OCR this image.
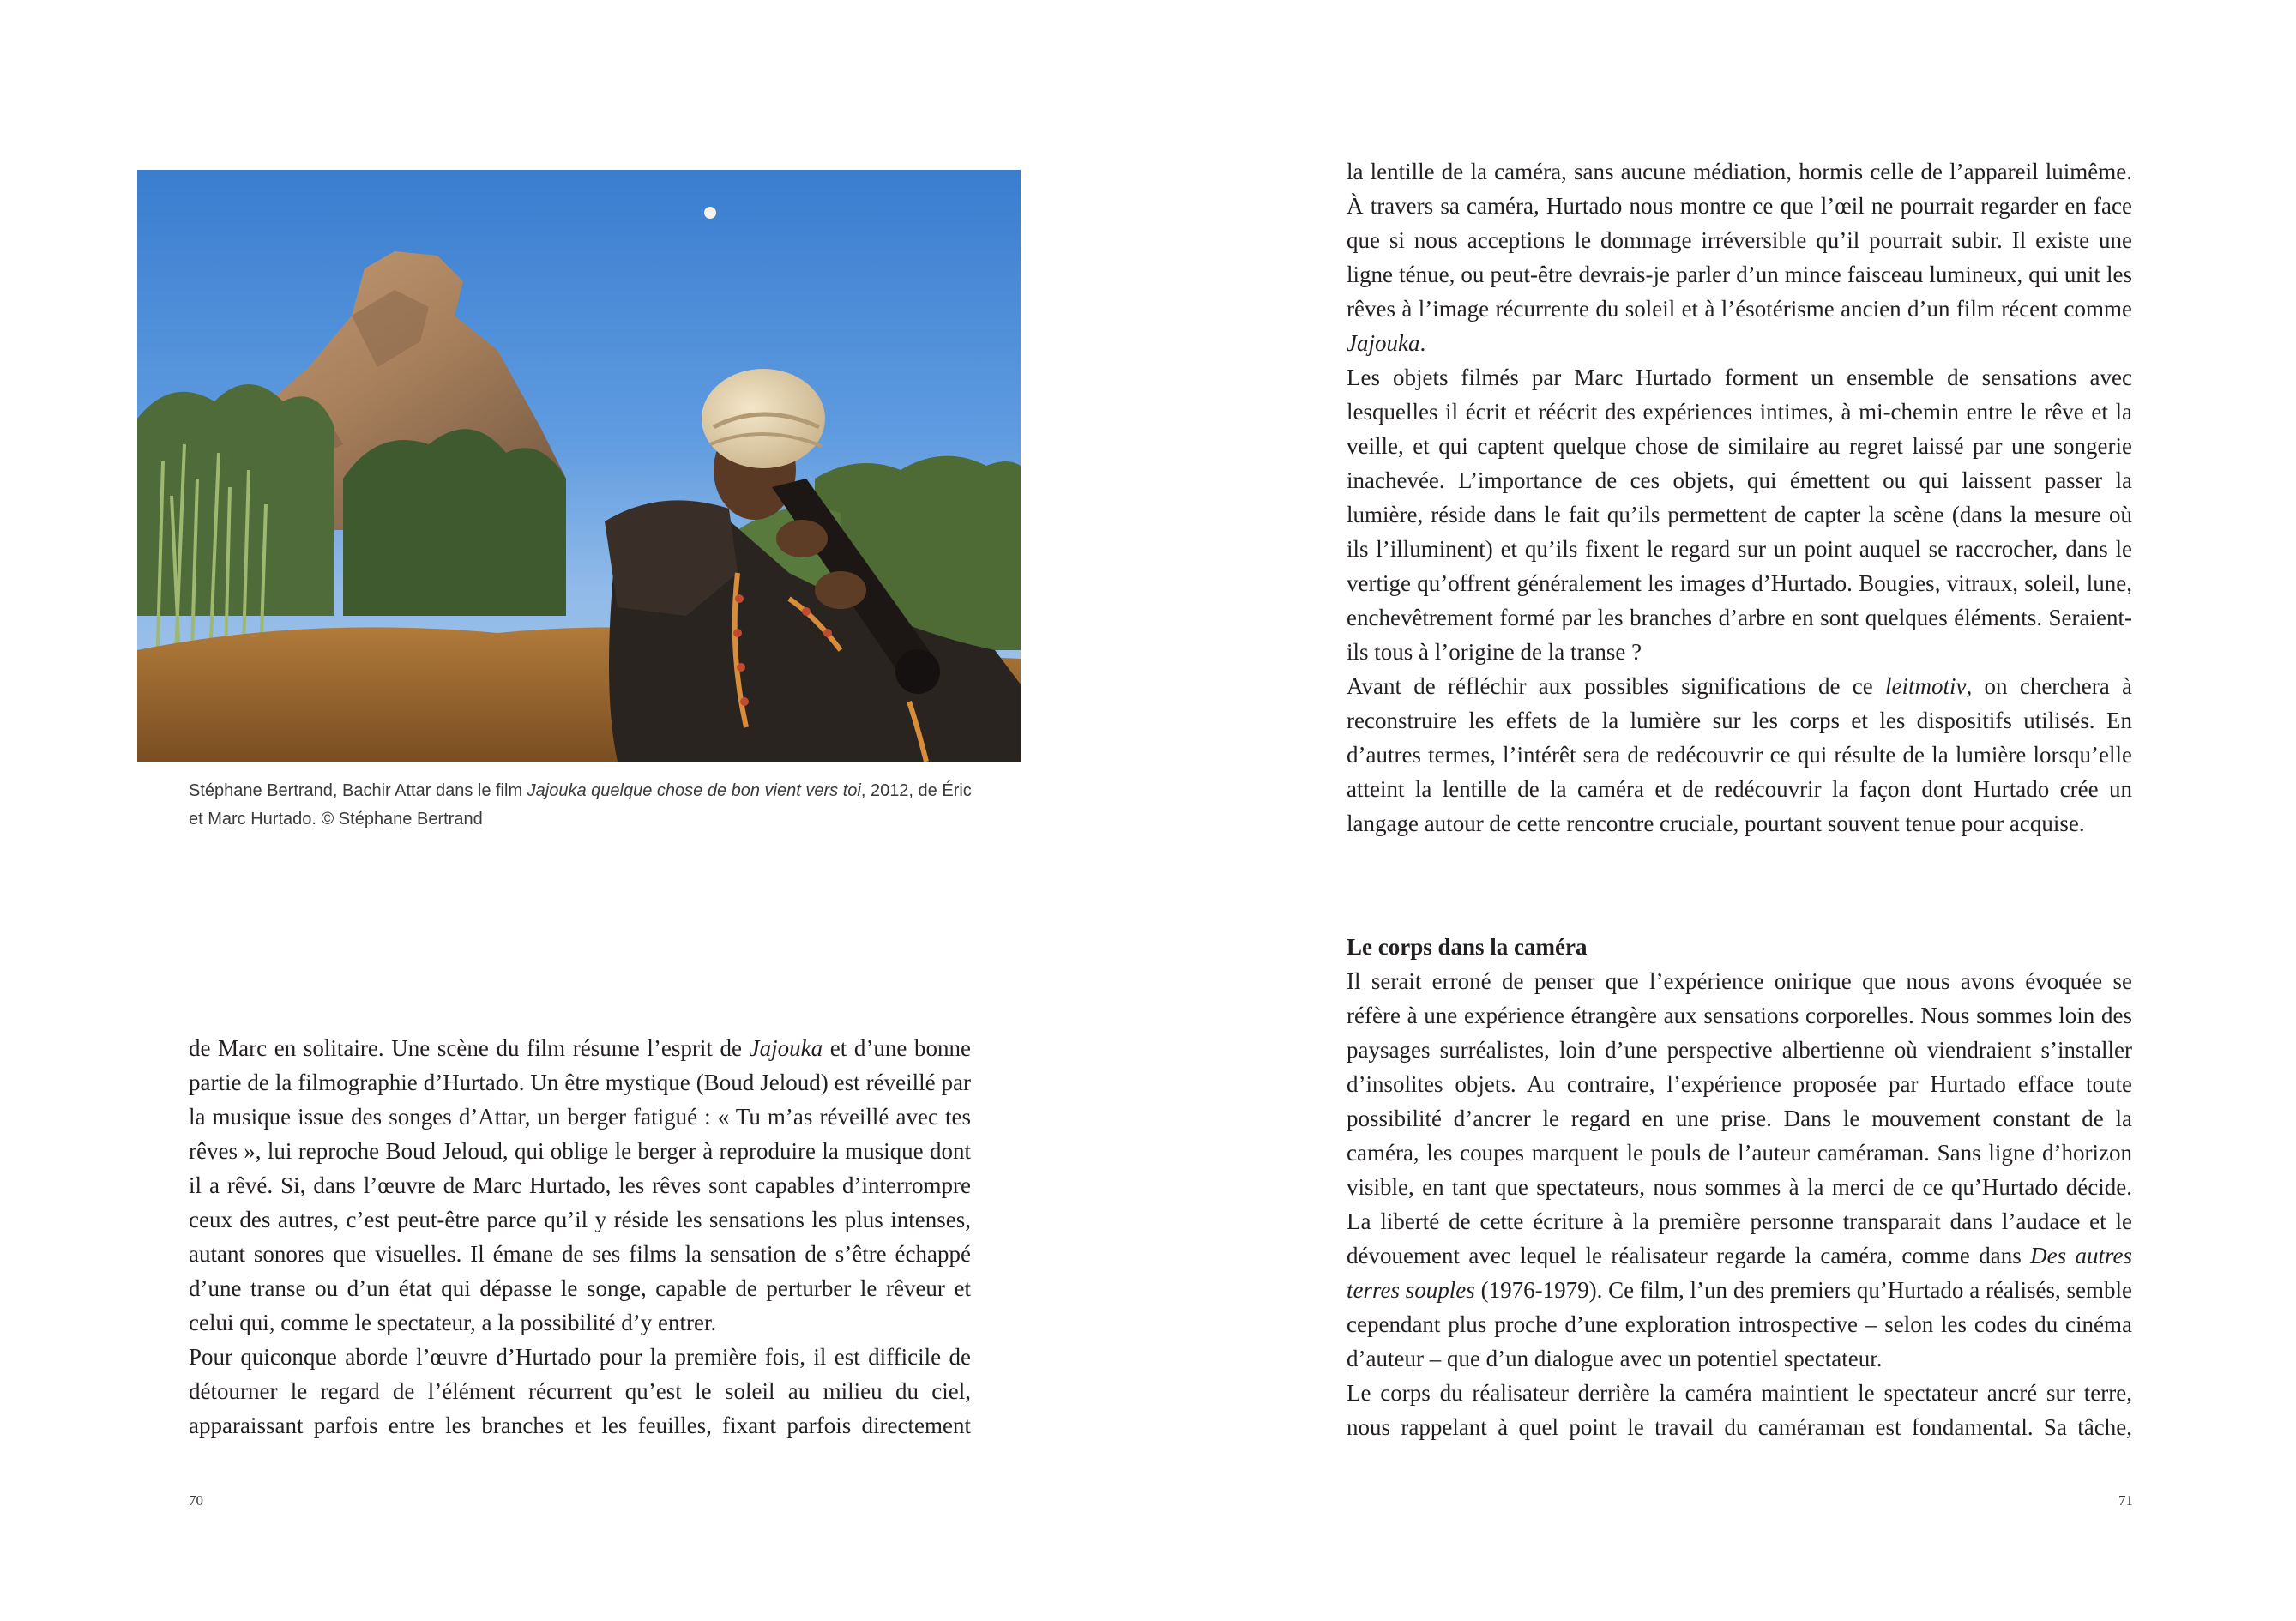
Stéphane Bertrand, Bachir Attar dans le film Jajouka quelque chose de bon vient vers toi, 2012, de Éric et Marc Hurtado. © Stéphane Bertrand

de Marc en solitaire. Une scène du film résume l’esprit de Jajouka et d’une bonne partie de la filmographie d’Hurtado. Un être mystique (Boud Jeloud) est réveillé par la musique issue des songes d’Attar, un berger fatigué : « Tu m’as réveillé avec tes rêves », lui reproche Boud Jeloud, qui oblige le berger à reproduire la musique dont il a rêvé. Si, dans l’œuvre de Marc Hurtado, les rêves sont capables d’interrompre ceux des autres, c’est peut-être parce qu’il y réside les sensations les plus intenses, autant sonores que visuelles. Il émane de ses films la sensation de s’être échappé d’une transe ou d’un état qui dépasse le songe, capable de perturber le rêveur et celui qui, comme le spectateur, a la possibilité d’y entrer.

Pour quiconque aborde l’œuvre d’Hurtado pour la première fois, il est difficile de détourner le regard de l’élément récurrent qu’est le soleil au milieu du ciel, apparaissant parfois entre les branches et les feuilles, fixant parfois directement

70

la lentille de la caméra, sans aucune médiation, hormis celle de l’appareil luimême. À travers sa caméra, Hurtado nous montre ce que l’œil ne pourrait regarder en face que si nous acceptions le dommage irréversible qu’il pourrait subir. Il existe une ligne ténue, ou peut-être devrais-je parler d’un mince faisceau lumineux, qui unit les rêves à l’image récurrente du soleil et à l’ésotérisme ancien d’un film récent comme Jajouka.

Les objets filmés par Marc Hurtado forment un ensemble de sensations avec lesquelles il écrit et réécrit des expériences intimes, à mi-chemin entre le rêve et la veille, et qui captent quelque chose de similaire au regret laissé par une songerie inachevée. L’importance de ces objets, qui émettent ou qui laissent passer la lumière, réside dans le fait qu’ils permettent de capter la scène (dans la mesure où ils l’illuminent) et qu’ils fixent le regard sur un point auquel se raccrocher, dans le vertige qu’offrent généralement les images d’Hurtado. Bougies, vitraux, soleil, lune, enchevêtrement formé par les branches d’arbre en sont quelques éléments. Seraient-ils tous à l’origine de la transe ?

Avant de réfléchir aux possibles significations de ce leitmotiv, on cherchera à reconstruire les effets de la lumière sur les corps et les dispositifs utilisés. En d’autres termes, l’intérêt sera de redécouvrir ce qui résulte de la lumière lorsqu’elle atteint la lentille de la caméra et de redécouvrir la façon dont Hurtado crée un langage autour de cette rencontre cruciale, pourtant souvent tenue pour acquise.

Le corps dans la caméra

Il serait erroné de penser que l’expérience onirique que nous avons évoquée se réfère à une expérience étrangère aux sensations corporelles. Nous sommes loin des paysages surréalistes, loin d’une perspective albertienne où viendraient s’installer d’insolites objets. Au contraire, l’expérience proposée par Hurtado efface toute possibilité d’ancrer le regard en une prise. Dans le mouvement constant de la caméra, les coupes marquent le pouls de l’auteur caméraman. Sans ligne d’horizon visible, en tant que spectateurs, nous sommes à la merci de ce qu’Hurtado décide. La liberté de cette écriture à la première personne transparait dans l’audace et le dévouement avec lequel le réalisateur regarde la caméra, comme dans Des autres terres souples (1976-1979). Ce film, l’un des premiers qu’Hurtado a réalisés, semble cependant plus proche d’une exploration introspective – selon les codes du cinéma d’auteur – que d’un dialogue avec un potentiel spectateur.

Le corps du réalisateur derrière la caméra maintient le spectateur ancré sur terre, nous rappelant à quel point le travail du caméraman est fondamental. Sa tâche,

71
